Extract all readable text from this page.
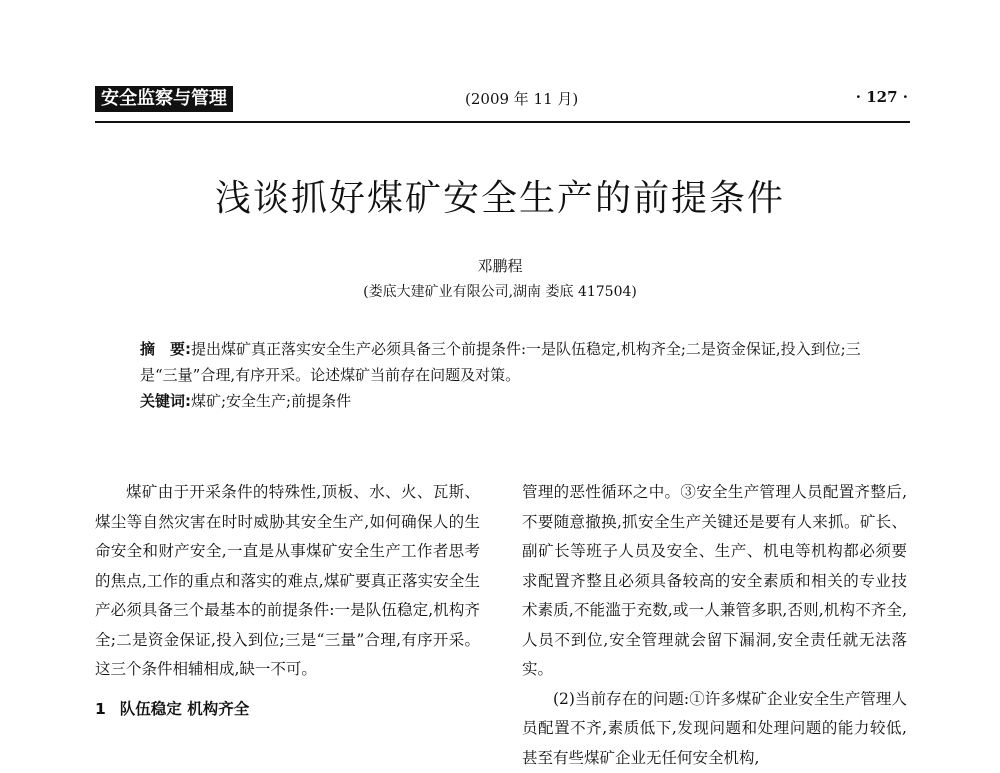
安全监察与管理	(2009 年 11 月)	· 127 ·
浅谈抓好煤矿安全生产的前提条件
邓鹏程
(娄底大建矿业有限公司,湖南 娄底 417504)

摘　要:提出煤矿真正落实安全生产必须具备三个前提条件:一是队伍稳定,机构齐全;二是资金保证,投入到位;三是“三量”合理,有序开采。论述煤矿当前存在问题及对策。

关键词:煤矿;安全生产;前提条件

煤矿由于开采条件的特殊性,顶板、水、火、瓦斯、煤尘等自然灾害在时时威胁其安全生产,如何确保人的生命安全和财产安全,一直是从事煤矿安全生产工作者思考的焦点,工作的重点和落实的难点,煤矿要真正落实安全生产必须具备三个最基本的前提条件:一是队伍稳定,机构齐全;二是资金保证,投入到位;三是“三量”合理,有序开采。这三个条件相辅相成,缺一不可。

1 队伍稳定 机构齐全

管理的恶性循环之中。③安全生产管理人员配置齐整后,不要随意撤换,抓安全生产关键还是要有人来抓。矿长、副矿长等班子人员及安全、生产、机电等机构都必须要求配置齐整且必须具备较高的安全素质和相关的专业技术素质,不能滥于充数,或一人兼管多职,否则,机构不齐全,人员不到位,安全管理就会留下漏洞,安全责任就无法落实。

(2)当前存在的问题:①许多煤矿企业安全生产管理人员配置不齐,素质低下,发现问题和处理问题的能力较低,甚至有些煤矿企业无任何安全机构,
